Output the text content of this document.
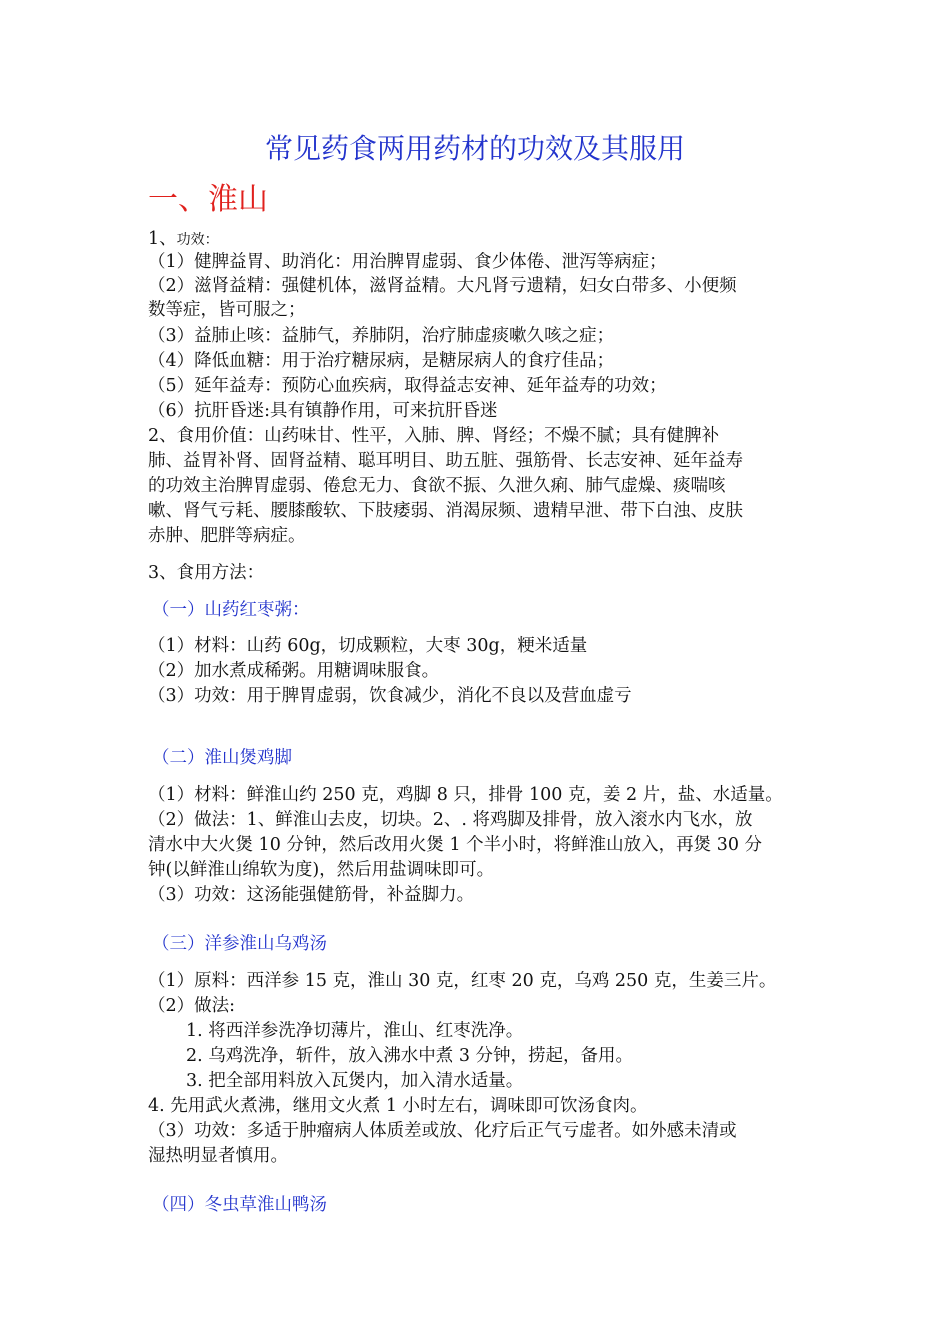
常见药食两用药材的功效及其服用
一、淮山
1、功效：
（1）健脾益胃、助消化：用治脾胃虚弱、食少体倦、泄泻等病症；
（2）滋肾益精：强健机体，滋肾益精。大凡肾亏遗精，妇女白带多、小便频
数等症，皆可服之；
（3）益肺止咳：益肺气，养肺阴，治疗肺虚痰嗽久咳之症；
（4）降低血糖：用于治疗糖尿病，是糖尿病人的食疗佳品；
（5）延年益寿：预防心血疾病，取得益志安神、延年益寿的功效；
（6）抗肝昏迷:具有镇静作用，可来抗肝昏迷
2、食用价值：山药味甘、性平，入肺、脾、肾经；不燥不腻；具有健脾补
肺、益胃补肾、固肾益精、聪耳明目、助五脏、强筋骨、长志安神、延年益寿
的功效主治脾胃虚弱、倦怠无力、食欲不振、久泄久痢、肺气虚燥、痰喘咳
嗽、肾气亏耗、腰膝酸软、下肢痿弱、消渴尿频、遗精早泄、带下白浊、皮肤
赤肿、肥胖等病症。
3、食用方法：
（一）山药红枣粥：
（1）材料：山药 60g，切成颗粒，大枣 30g，粳米适量
（2）加水煮成稀粥。用糖调味服食。
（3）功效：用于脾胃虚弱，饮食减少，消化不良以及营血虚亏
（二）淮山煲鸡脚
（1）材料：鲜淮山约 250 克，鸡脚 8 只，排骨 100 克，姜 2 片，盐、水适量。
（2）做法：1、鲜淮山去皮，切块。2、. 将鸡脚及排骨，放入滚水内飞水，放
清水中大火煲 10 分钟，然后改用火煲 1 个半小时，将鲜淮山放入，再煲 30 分
钟(以鲜淮山绵软为度)，然后用盐调味即可。
（3）功效：这汤能强健筋骨，补益脚力。
（三）洋参淮山乌鸡汤
（1）原料：西洋参 15 克，淮山 30 克，红枣 20 克，乌鸡 250 克，生姜三片。
（2）做法:
1. 将西洋参洗净切薄片，淮山、红枣洗净。
2. 乌鸡洗净，斩件，放入沸水中煮 3 分钟，捞起，备用。
3. 把全部用料放入瓦煲内，加入清水适量。
4. 先用武火煮沸，继用文火煮 1 小时左右，调味即可饮汤食肉。
（3）功效：多适于肿瘤病人体质差或放、化疗后正气亏虚者。如外感未清或
湿热明显者慎用。
（四）冬虫草淮山鸭汤
